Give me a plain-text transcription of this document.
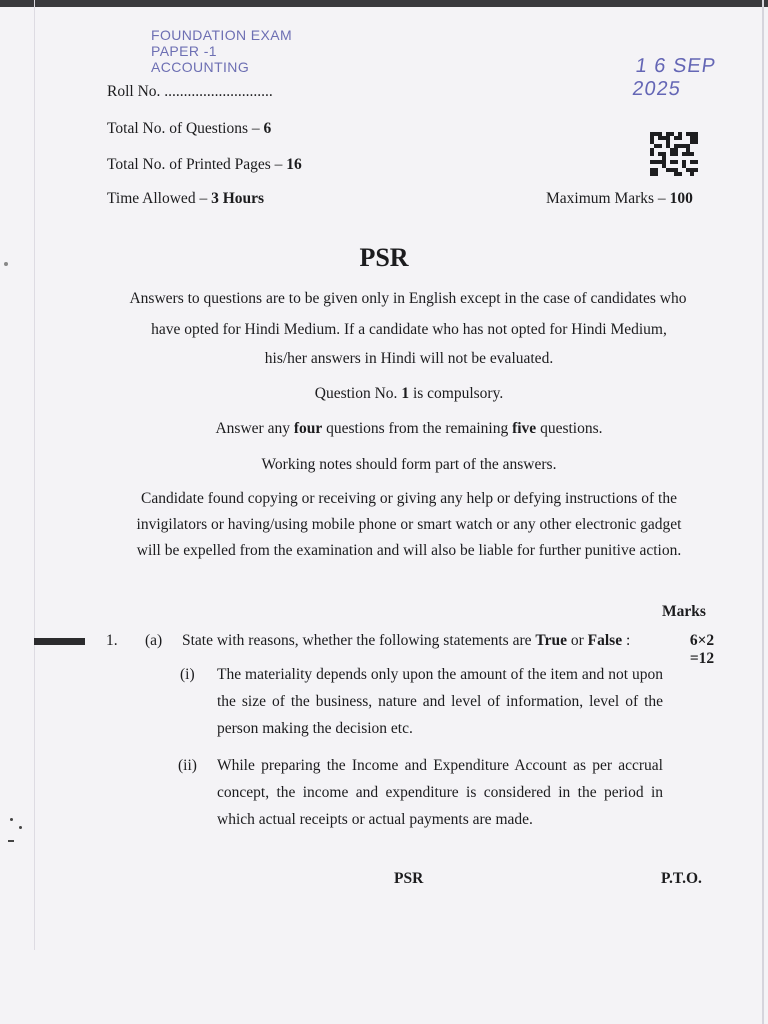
FOUNDATION EXAM
PAPER -1
ACCOUNTING	1 6 SEP 2025
Roll No. ............................
Total No. of Questions – 6
Total No. of Printed Pages – 16
Time Allowed – 3 Hours	Maximum Marks – 100
PSR
Answers to questions are to be given only in English except in the case of candidates who
have opted for Hindi Medium. If a candidate who has not opted for Hindi Medium,
his/her answers in Hindi will not be evaluated.
Question No. 1 is compulsory.
Answer any four questions from the remaining five questions.
Working notes should form part of the answers.
Candidate found copying or receiving or giving any help or defying instructions of the
invigilators or having/using mobile phone or smart watch or any other electronic gadget
will be expelled from the examination and will also be liable for further punitive action.
Marks
1. (a) State with reasons, whether the following statements are True or False :	6×2
=12
(i) The materiality depends only upon the amount of the item and not upon the size of the business, nature and level of information, level of the person making the decision etc.
(ii) While preparing the Income and Expenditure Account as per accrual concept, the income and expenditure is considered in the period in which actual receipts or actual payments are made.
PSR	P.T.O.
